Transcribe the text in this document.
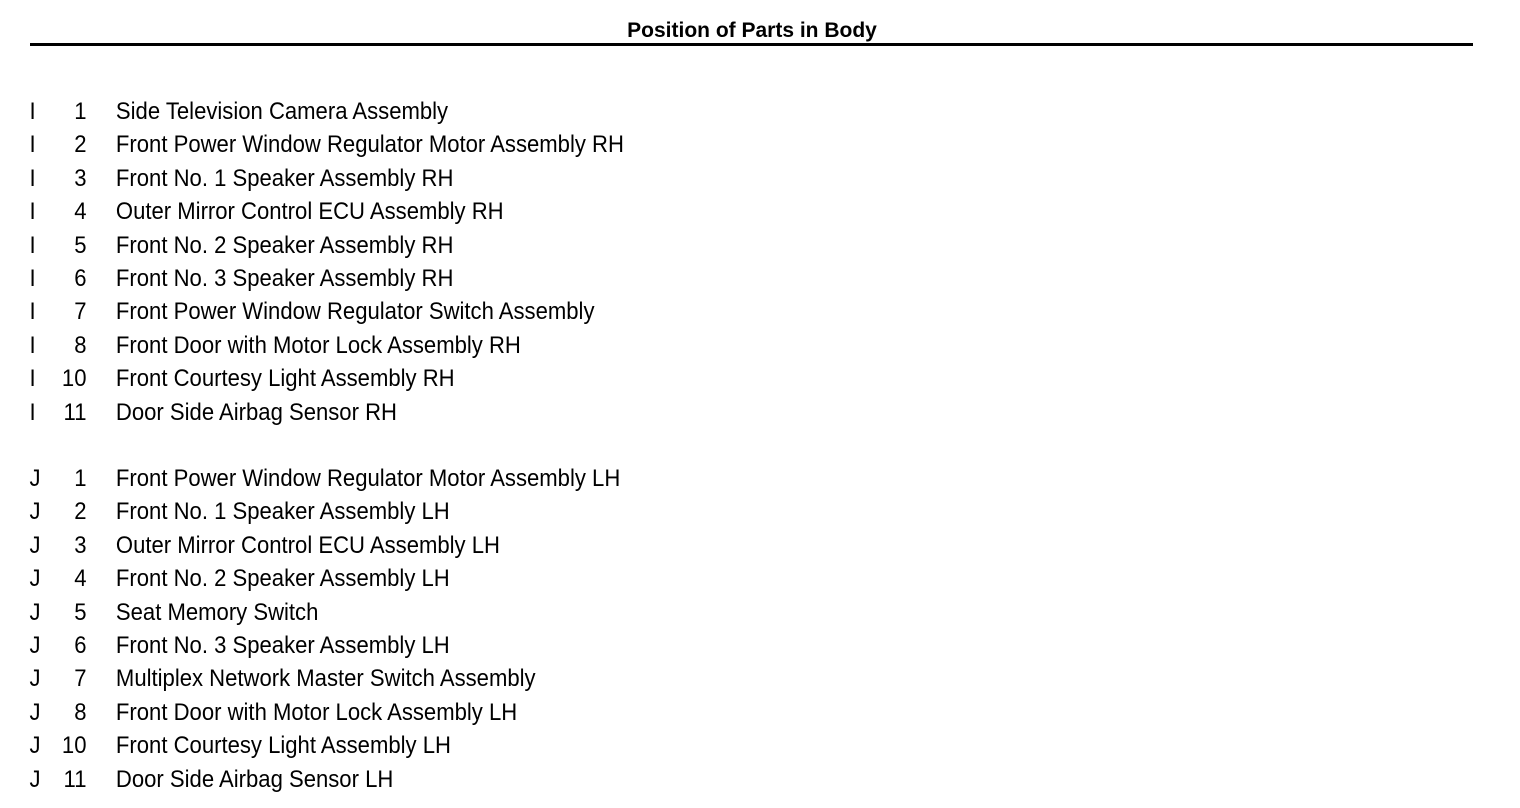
Position of Parts in Body
I	1 Side Television Camera Assembly
I	2 Front Power Window Regulator Motor Assembly RH
I	3 Front No. 1 Speaker Assembly RH
I	4 Outer Mirror Control ECU Assembly RH
I	5 Front No. 2 Speaker Assembly RH
I	6 Front No. 3 Speaker Assembly RH
I	7 Front Power Window Regulator Switch Assembly
I	8 Front Door with Motor Lock Assembly RH
I	10 Front Courtesy Light Assembly RH
I	11 Door Side Airbag Sensor RH
J	1 Front Power Window Regulator Motor Assembly LH
J	2 Front No. 1 Speaker Assembly LH
J	3 Outer Mirror Control ECU Assembly LH
J	4 Front No. 2 Speaker Assembly LH
J	5 Seat Memory Switch
J	6 Front No. 3 Speaker Assembly LH
J	7 Multiplex Network Master Switch Assembly
J	8 Front Door with Motor Lock Assembly LH
J 10 Front Courtesy Light Assembly LH
J 11 Door Side Airbag Sensor LH
